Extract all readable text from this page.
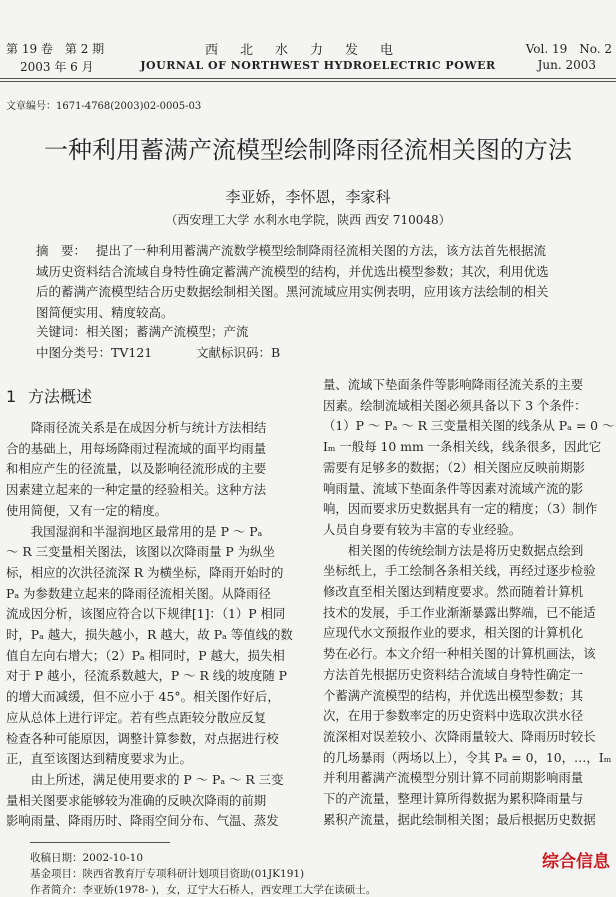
第 19 卷　第 2 期
2003 年 6 月
西北水力发电
JOURNAL OF NORTHWEST HYDROELECTRIC POWER
Vol. 19　No. 2
Jun. 2003
文章编号：1671-4768(2003)02-0005-03
一种利用蓄满产流模型绘制降雨径流相关图的方法
李亚娇，李怀恩，李家科
（西安理工大学 水利水电学院，陕西 西安 710048）

摘　要： 提出了一种利用蓄满产流数学模型绘制降雨径流相关图的方法，该方法首先根据流

域历史资料结合流域自身特性确定蓄满产流模型的结构，并优选出模型参数；其次，利用优选

后的蓄满产流模型结合历史数据绘制相关图。黑河流域应用实例表明，应用该方法绘制的相关

图简便实用、精度较高。

关键词：相关图；蓄满产流模型；产流
中图分类号：TV121	文献标识码：B
1 方法概述

降雨径流关系是在成因分析与统计方法相结

合的基础上，用每场降雨过程流域的面平均雨量

和相应产生的径流量，以及影响径流形成的主要

因素建立起来的一种定量的经验相关。这种方法

使用简便，又有一定的精度。

我国湿润和半湿润地区最常用的是 P ～ Pₐ

～ R 三变量相关图法，该图以次降雨量 P 为纵坐

标，相应的次洪径流深 R 为横坐标，降雨开始时的

Pₐ 为参数建立起来的降雨径流相关图。从降雨径

流成因分析，该图应符合以下规律[1]：（1）P 相同

时，Pₐ 越大，损失越小，R 越大，故 Pₐ 等值线的数

值自左向右增大；（2）Pₐ 相同时，P 越大，损失相

对于 P 越小，径流系数越大，P ～ R 线的坡度随 P

的增大而减缓，但不应小于 45°。相关图作好后，

应从总体上进行评定。若有些点距较分散应反复

检查各种可能原因，调整计算参数，对点据进行校

正，直至该图达到精度要求为止。

由上所述，满足使用要求的 P ～ Pₐ ～ R 三变

量相关图要求能够较为准确的反映次降雨的前期

影响雨量、降雨历时、降雨空间分布、气温、蒸发

量、流域下垫面条件等影响降雨径流关系的主要

因素。绘制流域相关图必须具备以下 3 个条件：

（1）P ～ Pₐ ～ R 三变量相关图的线条从 Pₐ = 0 ～

Iₘ 一般每 10 mm 一条相关线，线条很多，因此它

需要有足够多的数据；（2）相关图应反映前期影

响雨量、流域下垫面条件等因素对流域产流的影

响，因而要求历史数据具有一定的精度；（3）制作

人员自身要有较为丰富的专业经验。

相关图的传统绘制方法是将历史数据点绘到

坐标纸上，手工绘制各条相关线，再经过逐步检验

修改直至相关图达到精度要求。然而随着计算机

技术的发展，手工作业渐渐暴露出弊端，已不能适

应现代水文预报作业的要求，相关图的计算机化

势在必行。本文介绍一种相关图的计算机画法，该

方法首先根据历史资料结合流域自身特性确定一

个蓄满产流模型的结构，并优选出模型参数；其

次，在用于参数率定的历史资料中选取次洪水径

流深相对误差较小、次降雨量较大、降雨历时较长

的几场暴雨（两场以上），令其 Pₐ = 0，10，…，Iₘ

并利用蓄满产流模型分别计算不同前期影响雨量

下的产流量，整理计算所得数据为累积降雨量与

累积产流量，据此绘制相关图；最后根据历史数据

收稿日期：2002-10-10
基金项目：陕西省教育厅专项科研计划项目资助(01JK191)
作者简介：李亚娇(1978- )，女，辽宁大石桥人，西安理工大学在读硕士。
综合信息
